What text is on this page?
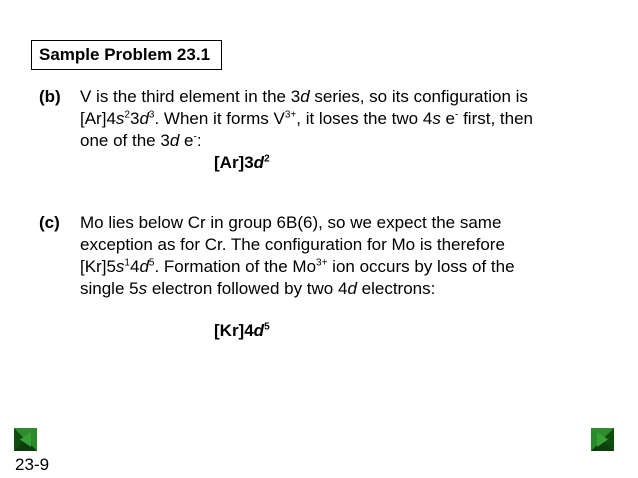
Sample Problem 23.1
(b) V is the third element in the 3d series, so its configuration is
$[Ar]4s^23d^3$. When it forms $V^{3+}$, it loses the two 4s e- first, then
one of the 3d e-:
$[Ar]3d^2$
(c) Mo lies below Cr in group 6B(6), so we expect the same
exception as for Cr. The configuration for Mo is therefore
$[Kr]5s^14d^5$. Formation of the $Mo^{3+}$ ion occurs by loss of the
single 5s electron followed by two 4d electrons:
$[Kr]4d^5$
23-9
